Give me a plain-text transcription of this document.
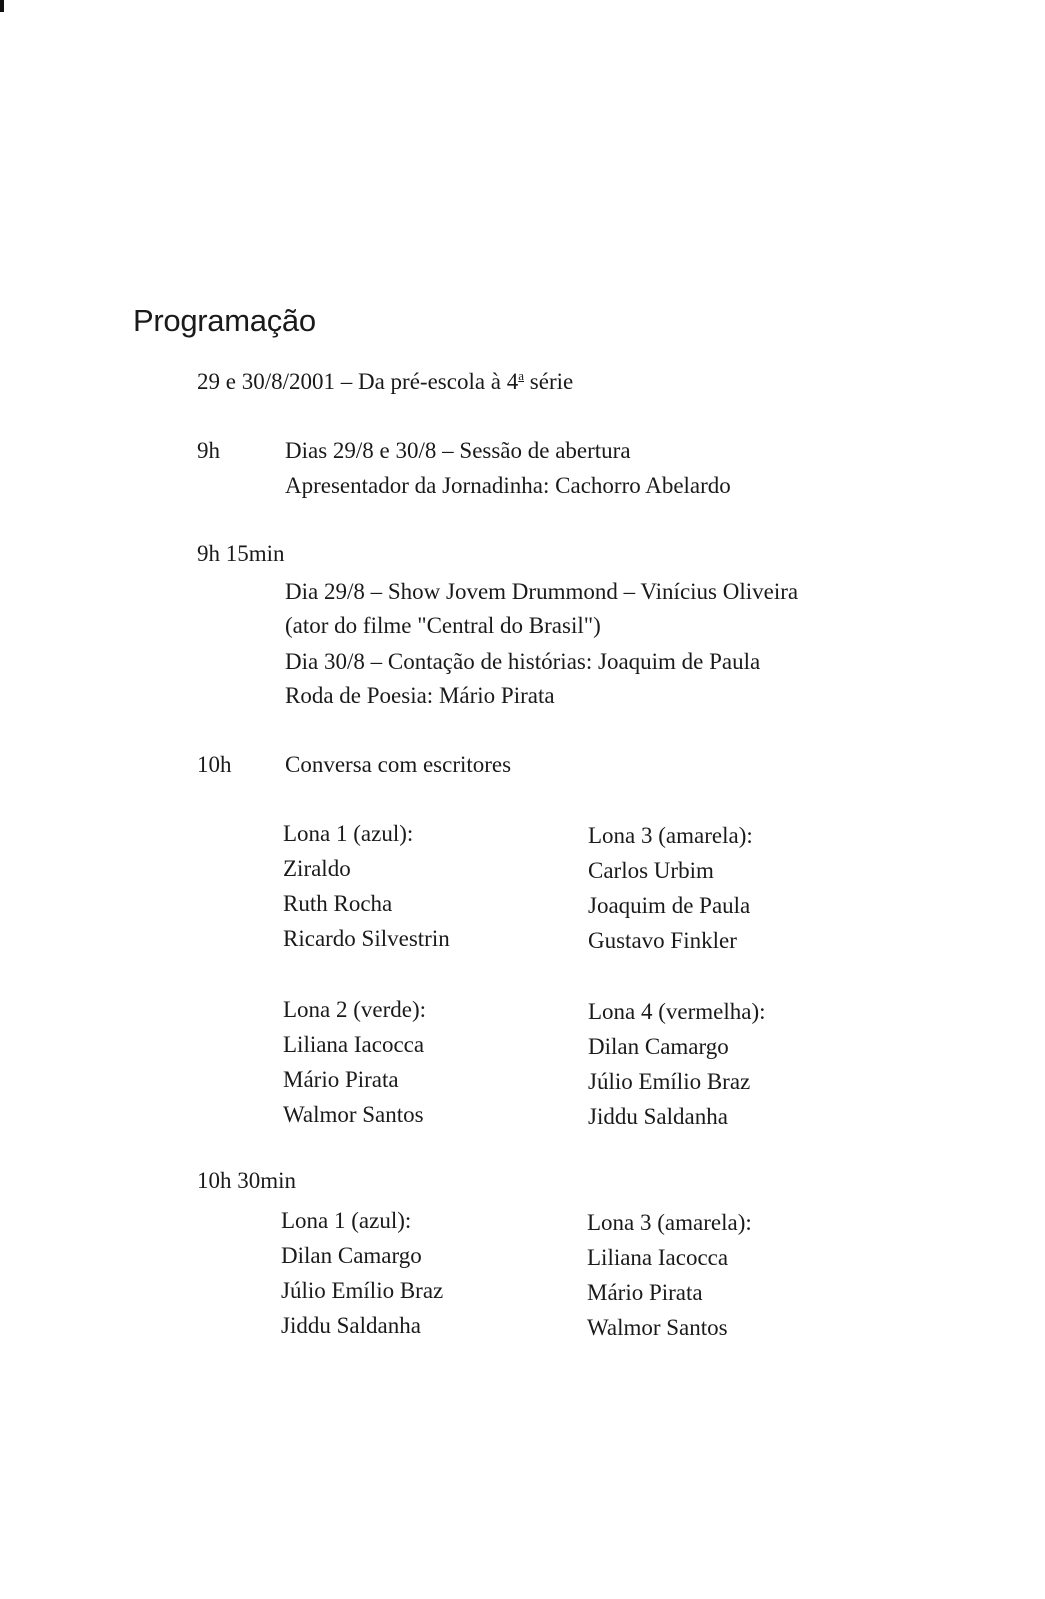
Programação
29 e 30/8/2001 – Da pré-escola à 4$^a$ série
9h	Dias 29/8 e 30/8 – Sessão de abertura
Apresentador da Jornadinha: Cachorro Abelardo
9h 15min
Dia 29/8 – Show Jovem Drummond – Vinícius Oliveira
(ator do filme "Central do Brasil")
Dia 30/8 – Contação de histórias: Joaquim de Paula
Roda de Poesia: Mário Pirata
10h Conversa com escritores
Lona 1 (azul):
Ziraldo
Ruth Rocha
Ricardo Silvestrin
Lona 3 (amarela):
Carlos Urbim
Joaquim de Paula
Gustavo Finkler
Lona 2 (verde):
Liliana Iacocca
Mário Pirata
Walmor Santos
Lona 4 (vermelha):
Dilan Camargo
Júlio Emílio Braz
Jiddu Saldanha
10h 30min
Lona 1 (azul):
Dilan Camargo
Júlio Emílio Braz
Jiddu Saldanha
Lona 3 (amarela):
Liliana Iacocca
Mário Pirata
Walmor Santos
